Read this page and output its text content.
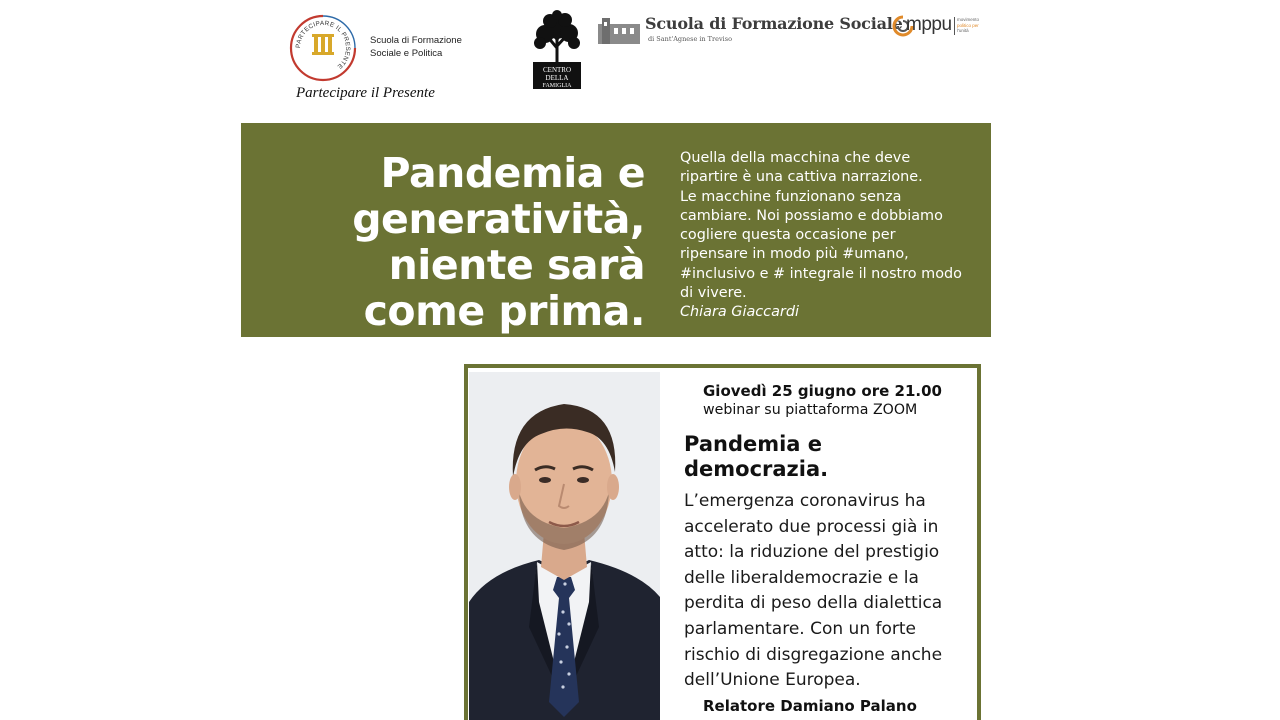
PARTECIPARE IL PRESENTE
Scuola di Formazione
Sociale e Politica
Partecipare il Presente
CENTRO
DELLA
FAMIGLIA
Scuola di Formazione Sociale
di Sant'Agnese in Treviso
mppu movimento
politico per
l'unità
Pandemia e
generatività,
niente sarà
come prima.
Quella della macchina che deve
ripartire è una cattiva narrazione.
Le macchine funzionano senza
cambiare. Noi possiamo e dobbiamo
cogliere questa occasione per
ripensare in modo più #umano,
#inclusivo e # integrale il nostro modo
di vivere.
Chiara Giaccardi
Giovedì 25 giugno ore 21.00
webinar su piattaforma ZOOM
Pandemia e
democrazia.
L’emergenza coronavirus ha
accelerato due processi già in
atto: la riduzione del prestigio
delle liberaldemocrazie e la
perdita di peso della dialettica
parlamentare. Con un forte
rischio di disgregazione anche
dell’Unione Europea.
Relatore Damiano Palano
